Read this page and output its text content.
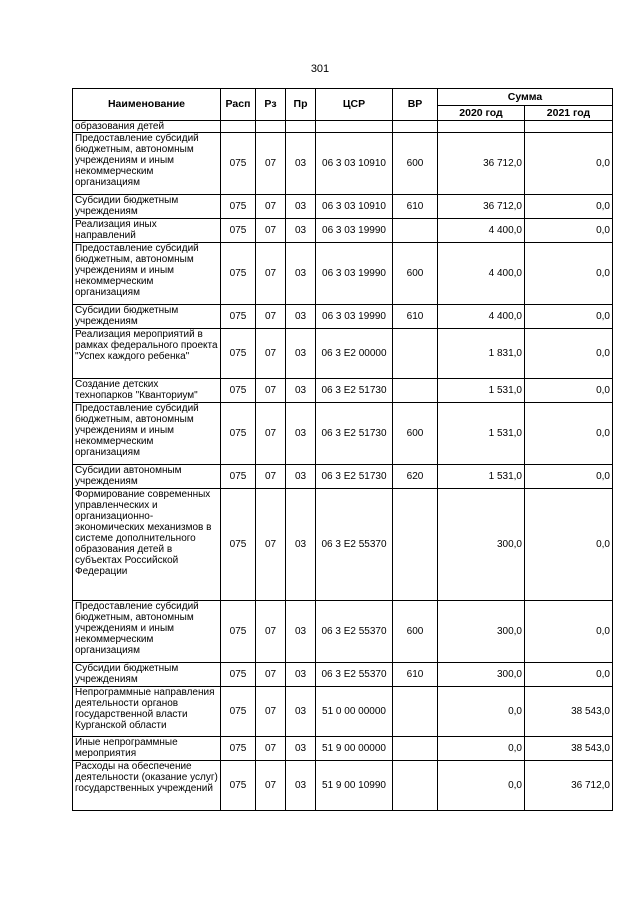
301
Наименование	Расп	Рз	Пр	ЦСР	ВР	Сумма	
						2020 год	2021 год
образования детей							
Предоставление субсидий бюджетным, автономным учреждениям и иным некоммерческим организациям	075	07	03	06 3 03 10910	600	36 712,0	0,0
Субсидии бюджетным учреждениям	075	07	03	06 3 03 10910	610	36 712,0	0,0
Реализация иных направлений	075	07	03	06 3 03 19990		4 400,0	0,0
Предоставление субсидий бюджетным, автономным учреждениям и иным некоммерческим организациям	075	07	03	06 3 03 19990	600	4 400,0	0,0
Субсидии бюджетным учреждениям	075	07	03	06 3 03 19990	610	4 400,0	0,0
Реализация мероприятий в рамках федерального проекта "Успех каждого ребенка"	075	07	03	06 3 E2 00000		1 831,0	0,0
Создание детских технопарков "Кванториум"	075	07	03	06 3 E2 51730		1 531,0	0,0
Предоставление субсидий бюджетным, автономным учреждениям и иным некоммерческим организациям	075	07	03	06 3 E2 51730	600	1 531,0	0,0
Субсидии автономным учреждениям	075	07	03	06 3 E2 51730	620	1 531,0	0,0
Формирование современных управленческих и организационно-экономических механизмов в системе дополнительного образования детей в субъектах Российской Федерации	075	07	03	06 3 E2 55370		300,0	0,0
Предоставление субсидий бюджетным, автономным учреждениям и иным некоммерческим организациям	075	07	03	06 3 E2 55370	600	300,0	0,0
Субсидии бюджетным учреждениям	075	07	03	06 3 E2 55370	610	300,0	0,0
Непрограммные направления деятельности органов государственной власти Курганской области	075	07	03	51 0 00 00000		0,0	38 543,0
Иные непрограммные мероприятия	075	07	03	51 9 00 00000		0,0	38 543,0
Расходы на обеспечение деятельности (оказание услуг) государственных учреждений	075	07	03	51 9 00 10990		0,0	36 712,0
